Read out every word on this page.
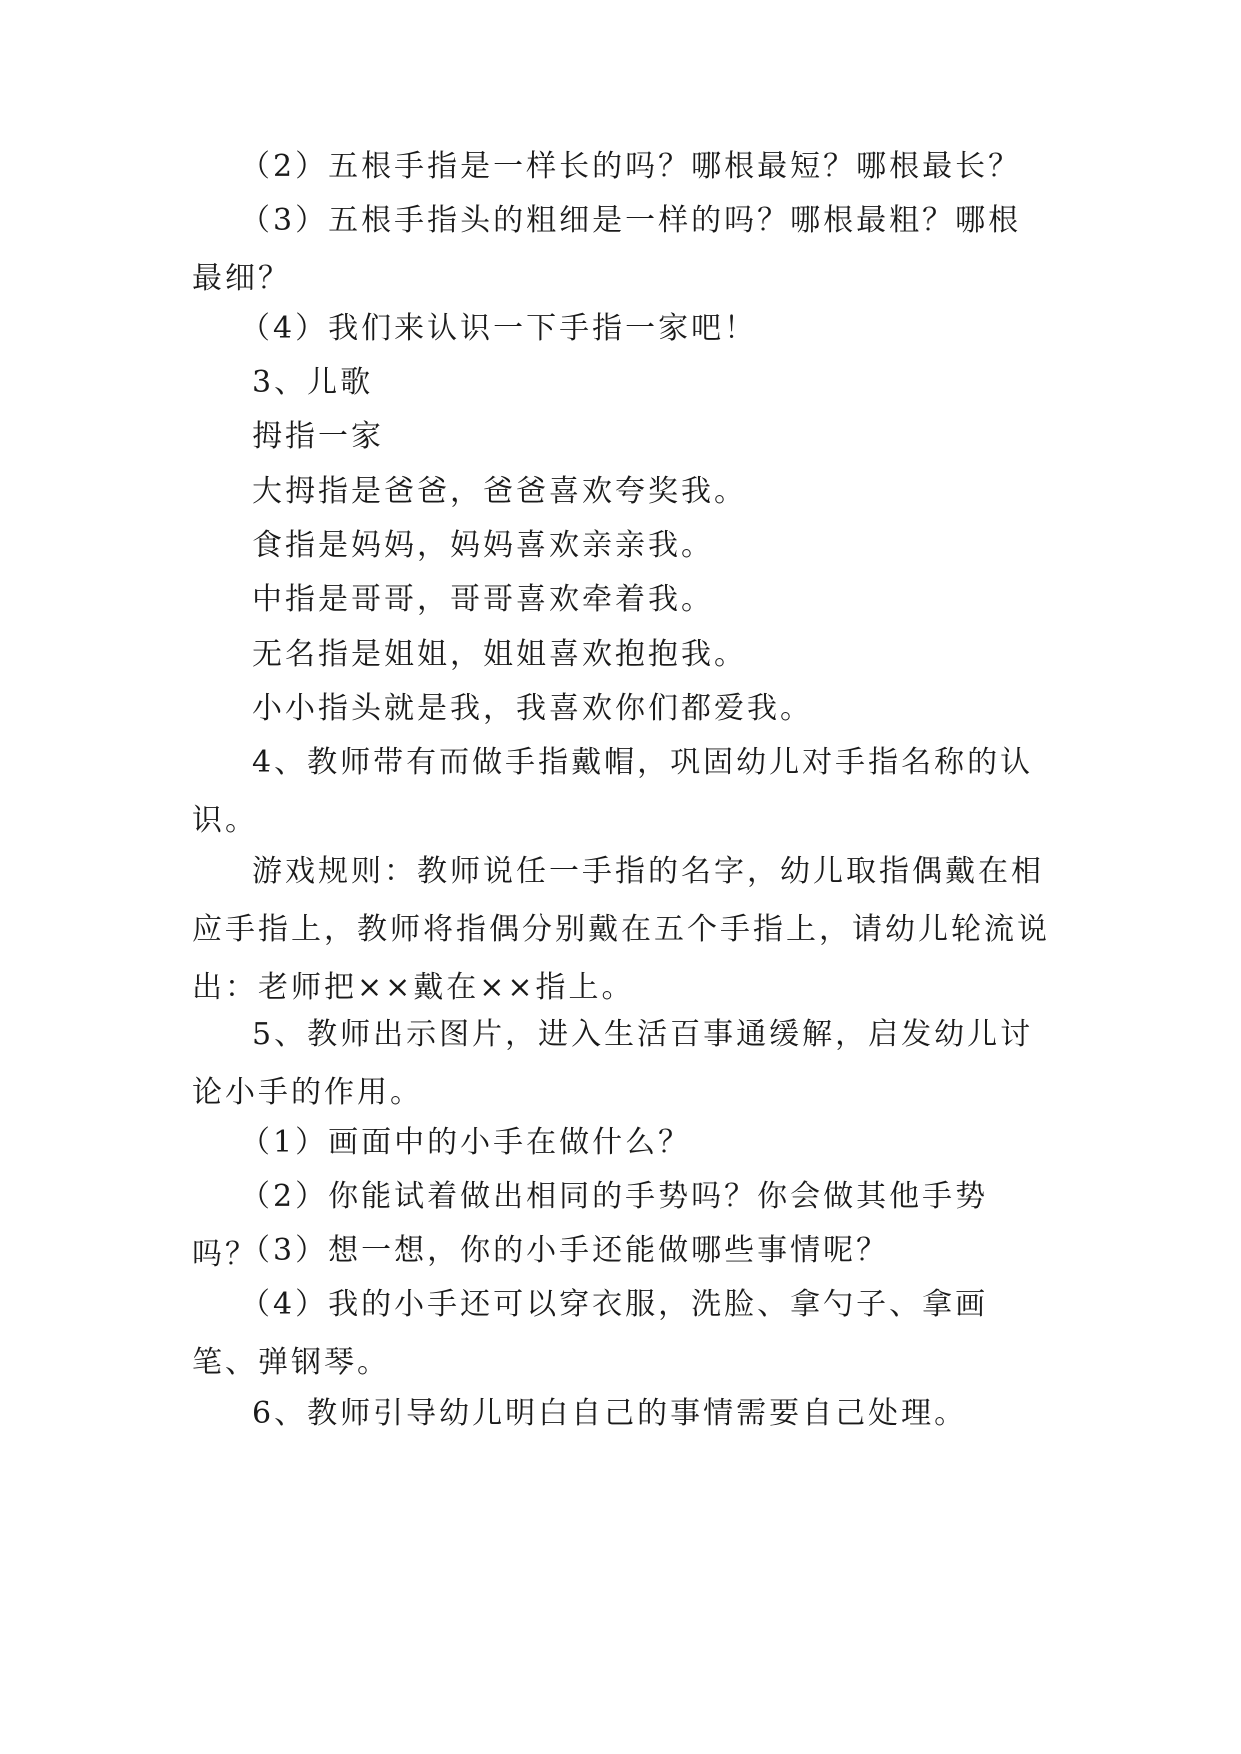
（2）五根手指是一样长的吗？哪根最短？哪根最长？

（3）五根手指头的粗细是一样的吗？哪根最粗？哪根最细？

（4）我们来认识一下手指一家吧！

3、儿歌

拇指一家

大拇指是爸爸，爸爸喜欢夸奖我。

食指是妈妈，妈妈喜欢亲亲我。

中指是哥哥，哥哥喜欢牵着我。

无名指是姐姐，姐姐喜欢抱抱我。

小小指头就是我，我喜欢你们都爱我。

4、教师带有而做手指戴帽，巩固幼儿对手指名称的认识。

游戏规则：教师说任一手指的名字，幼儿取指偶戴在相应手指上，教师将指偶分别戴在五个手指上，请幼儿轮流说出：老师把××戴在××指上。

5、教师出示图片，进入生活百事通缓解，启发幼儿讨论小手的作用。

（1）画面中的小手在做什么？

（2）你能试着做出相同的手势吗？你会做其他手势吗？

（3）想一想，你的小手还能做哪些事情呢？

（4）我的小手还可以穿衣服，洗脸、拿勺子、拿画笔、弹钢琴。

6、教师引导幼儿明白自己的事情需要自己处理。
